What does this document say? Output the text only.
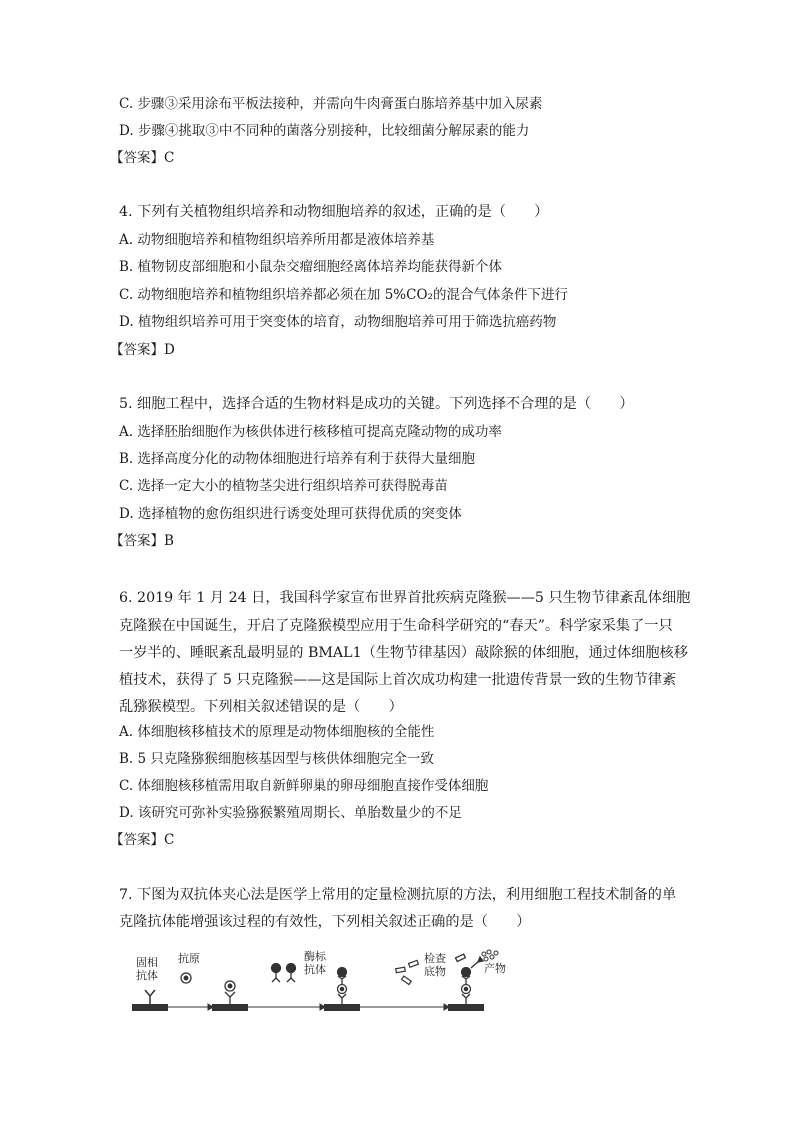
C. 步骤③采用涂布平板法接种，并需向牛肉膏蛋白胨培养基中加入尿素
D. 步骤④挑取③中不同种的菌落分别接种，比较细菌分解尿素的能力
【答案】C
4. 下列有关植物组织培养和动物细胞培养的叙述，正确的是（　　）
A. 动物细胞培养和植物组织培养所用都是液体培养基
B. 植物韧皮部细胞和小鼠杂交瘤细胞经离体培养均能获得新个体
C. 动物细胞培养和植物组织培养都必须在加 5%CO₂的混合气体条件下进行
D. 植物组织培养可用于突变体的培育，动物细胞培养可用于筛选抗癌药物
【答案】D
5. 细胞工程中，选择合适的生物材料是成功的关键。下列选择不合理的是（　　）
A. 选择胚胎细胞作为核供体进行核移植可提高克隆动物的成功率
B. 选择高度分化的动物体细胞进行培养有利于获得大量细胞
C. 选择一定大小的植物茎尖进行组织培养可获得脱毒苗
D. 选择植物的愈伤组织进行诱变处理可获得优质的突变体
【答案】B
6. 2019 年 1 月 24 日，我国科学家宣布世界首批疾病克隆猴——5 只生物节律紊乱体细胞
克隆猴在中国诞生，开启了克隆猴模型应用于生命科学研究的“春天”。科学家采集了一只
一岁半的、睡眠紊乱最明显的 BMAL1（生物节律基因）敲除猴的体细胞，通过体细胞核移
植技术，获得了 5 只克隆猴——这是国际上首次成功构建一批遗传背景一致的生物节律紊
乱猕猴模型。下列相关叙述错误的是（　　）
A. 体细胞核移植技术的原理是动物体细胞核的全能性
B. 5 只克隆猕猴细胞核基因型与核供体细胞完全一致
C. 体细胞核移植需用取自新鲜卵巢的卵母细胞直接作受体细胞
D. 该研究可弥补实验猕猴繁殖周期长、单胎数量少的不足
【答案】C
7. 下图为双抗体夹心法是医学上常用的定量检测抗原的方法，利用细胞工程技术制备的单
克隆抗体能增强该过程的有效性，下列相关叙述正确的是（　　）
固相
抗体
抗原	酶标
抗体
检查
底物	产物
